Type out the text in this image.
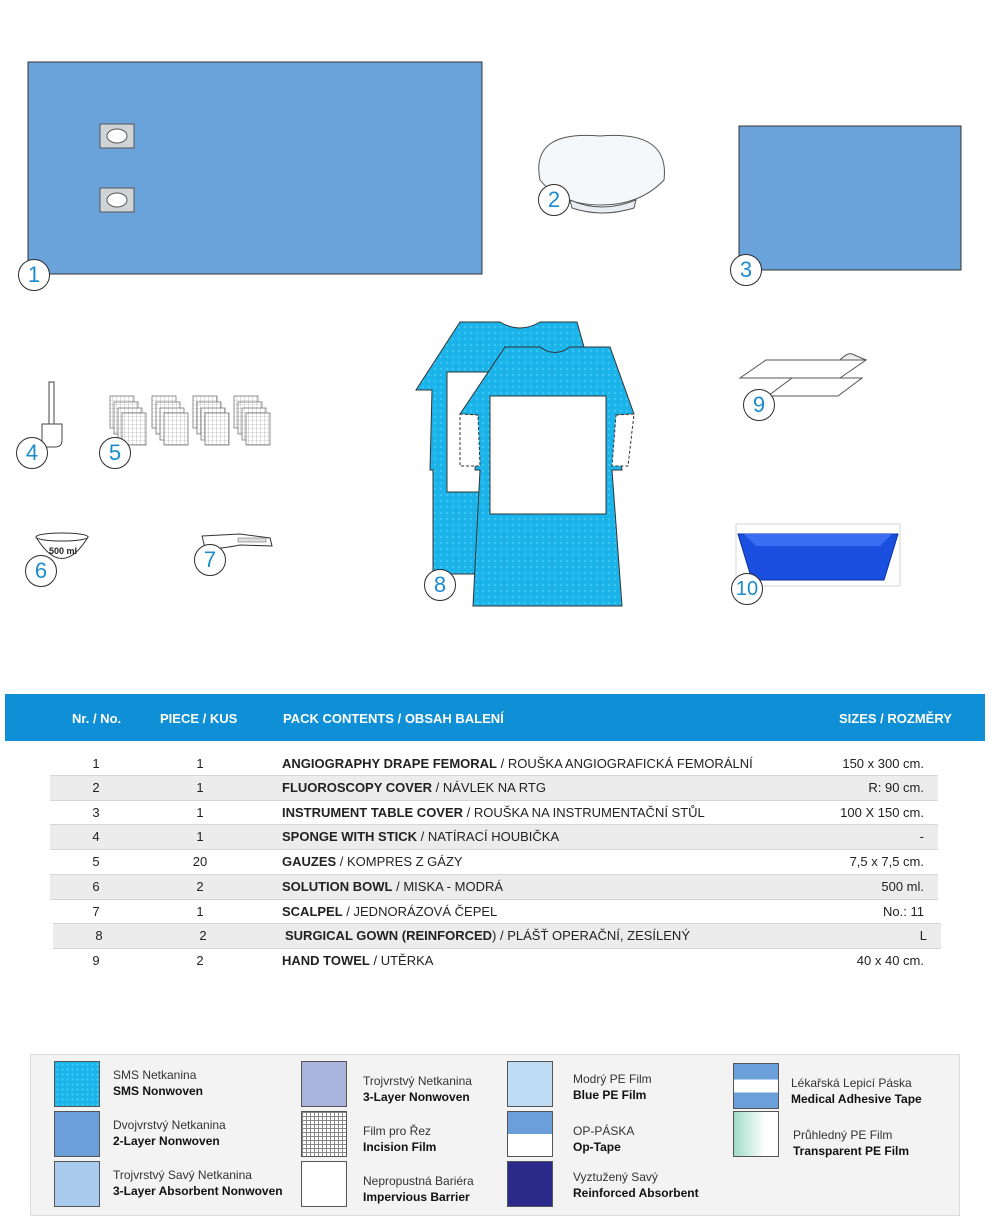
500 ml
1
2
3
4	5
6	7
8
9
10
Nr. / No.	PIECE / KUS	PACK CONTENTS / OBSAH BALENÍ	SIZES / ROZMĚRY
1	1	ANGIOGRAPHY DRAPE FEMORAL / ROUŠKA ANGIOGRAFICKÁ FEMORÁLNÍ	150 x 300 cm.
2	1	FLUOROSCOPY COVER / NÁVLEK NA RTG	R: 90 cm.
3	1	INSTRUMENT TABLE COVER / ROUŠKA NA INSTRUMENTAČNÍ STŮL	100 X 150 cm.
4	1	SPONGE WITH STICK / NATÍRACÍ HOUBIČKA	-
5	20	GAUZES / KOMPRES Z GÁZY	7,5 x 7,5 cm.
6	2	SOLUTION BOWL / MISKA - MODRÁ	500 ml.
7	1	SCALPEL / JEDNORÁZOVÁ ČEPEL	No.: 11
8	2	SURGICAL GOWN (REINFORCED) / PLÁŠŤ OPERAČNÍ, ZESÍLENÝ	L
9	2	HAND TOWEL / UTĚRKA	40 x 40 cm.
SMS Netkanina
SMS Nonwoven
Dvojvrstvý Netkanina
2-Layer Nonwoven
Trojvrstvý Savý Netkanina
3-Layer Absorbent Nonwoven
Trojvrstvý Netkanina
3-Layer Nonwoven
Film pro Řez
Incision Film
Nepropustná Bariéra
Impervious Barrier
Modrý PE Film
Blue PE Film
OP-PÁSKA
Op-Tape
Vyztužený Savý
Reinforced Absorbent
Lékařská Lepicí Páska
Medical Adhesive Tape
Průhledný PE Film
Transparent PE Film
